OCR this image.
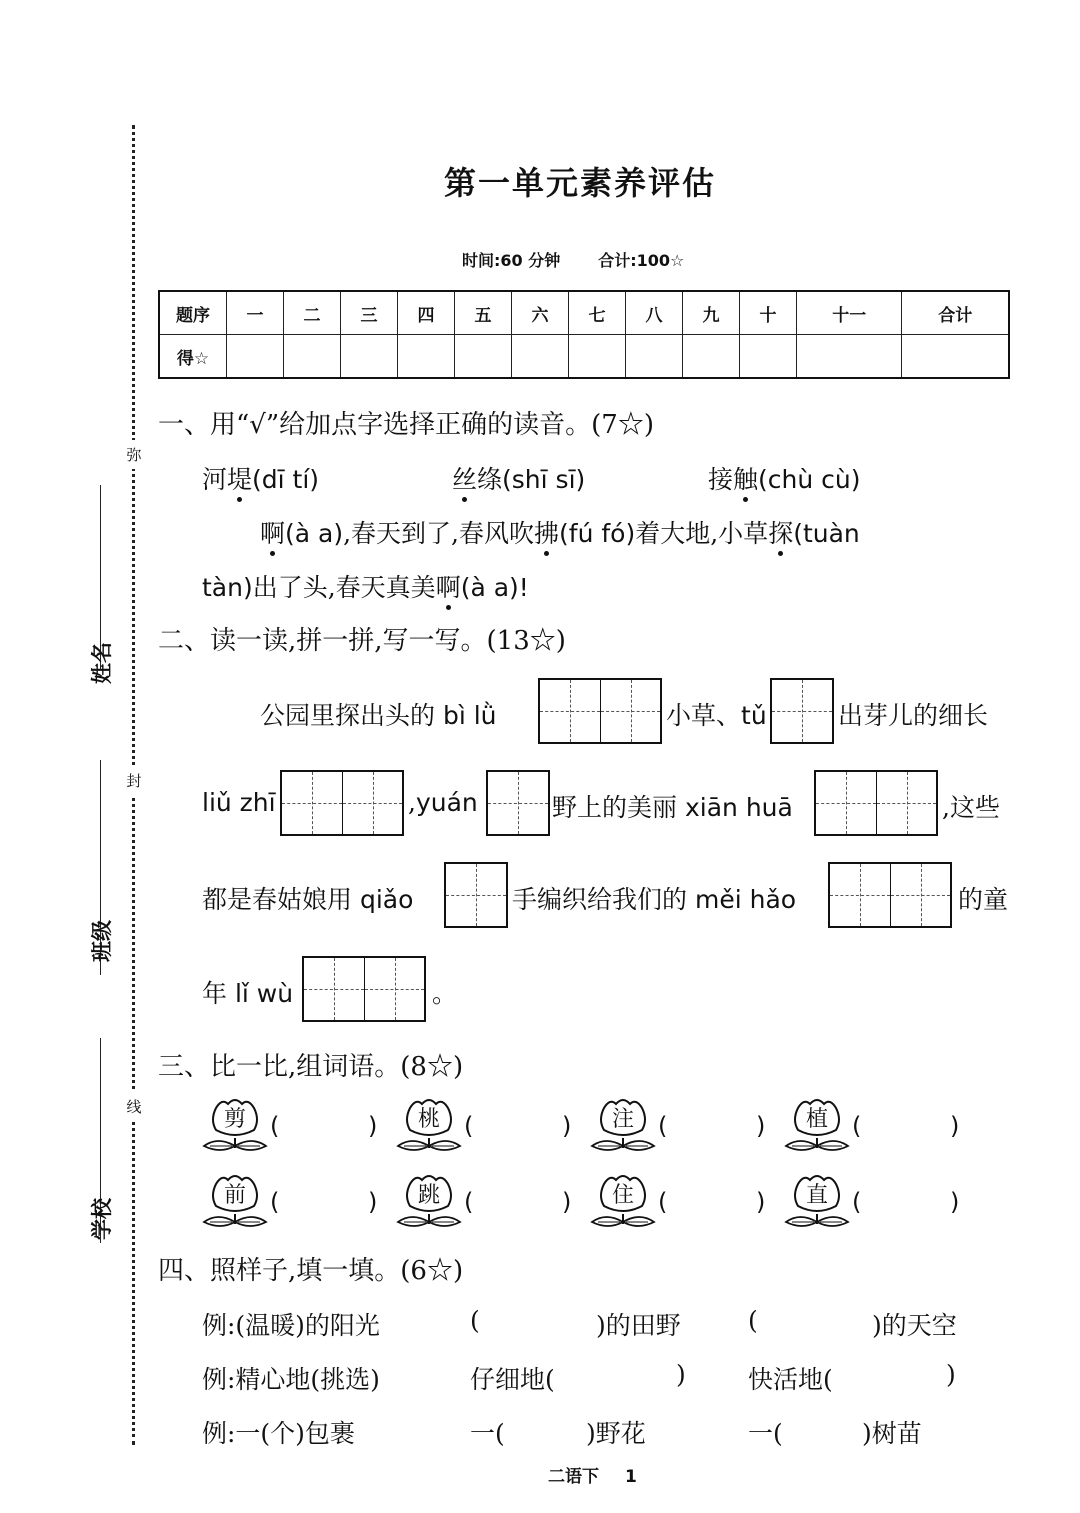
弥
封
线
姓名
班级
学校
第一单元素养评估
时间:60 分钟 合计:100☆
题序	一	二	三	四	五	六	七	八	九	十	十一	合计
得☆												
一、用“√”给加点字选择正确的读音。(7☆)
河堤(dī tí)	丝绦(shī sī)	接触(chù cù)
啊(à a),春天到了,春风吹拂(fú fó)着大地,小草探(tuàn
tàn)出了头,春天真美啊(à a)!
二、读一读,拼一拼,写一写。(13☆)
公园里探出头的 bì lǜ	小草、tǔ	出芽儿的细长
liǔ zhī	,yuán	野上的美丽 xiān huā	,这些
都是春姑娘用 qiǎo	手编织给我们的 měi hǎo	的童
年 lǐ wù	。
三、比一比,组词语。(8☆)
剪	(	)	桃	(	)	注	(	)	植	(	)
前	(	)	跳	(	)	住	(	)	直	(	)
四、照样子,填一填。(6☆)
例:(温暖)的阳光	(	)的田野	(	)的天空
例:精心地(挑选)	仔细地(	) 快活地(	)
例:一(个)包裹	一(	)野花	一(	)树苗
二语下 1
